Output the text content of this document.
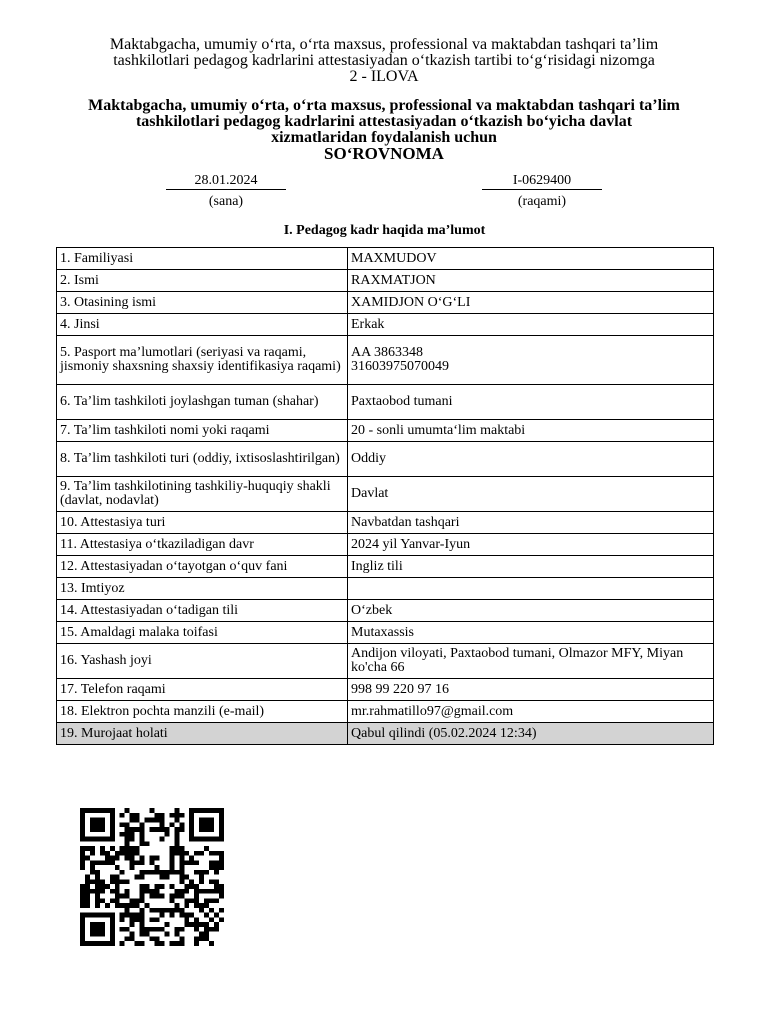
Maktabgacha, umumiy o‘rta, o‘rta maxsus, professional va maktabdan tashqari ta’lim
tashkilotlari pedagog kadrlarini attestasiyadan o‘tkazish tartibi to‘g‘risidagi nizomga
2 - ILOVA
Maktabgacha, umumiy o‘rta, o‘rta maxsus, professional va maktabdan tashqari ta’lim
tashkilotlari pedagog kadrlarini attestasiyadan o‘tkazish bo‘yicha davlat
xizmatlaridan foydalanish uchun
SO‘ROVNOMA
28.01.2024	I-0629400
(sana)	(raqami)
I. Pedagog kadr haqida ma’lumot
1. Familiyasi	MAXMUDOV
2. Ismi	RAXMATJON
3. Otasining ismi	XAMIDJON O‘G‘LI
4. Jinsi	Erkak
5. Pasport ma’lumotlari (seriyasi va raqami, jismoniy shaxsning shaxsiy identifikasiya raqami)	AA 3863348
31603975070049

6. Ta’lim tashkiloti joylashgan tuman (shahar)	Paxtaobod tumani
7. Ta’lim tashkiloti nomi yoki raqami	20 - sonli umumta‘lim maktabi
8. Ta’lim tashkiloti turi (oddiy, ixtisoslashtirilgan)	Oddiy
9. Ta’lim tashkilotining tashkiliy-huquqiy shakli (davlat, nodavlat)	Davlat
10. Attestasiya turi	Navbatdan tashqari
11. Attestasiya o‘tkaziladigan davr	2024 yil Yanvar-Iyun
12. Attestasiyadan o‘tayotgan o‘quv fani	Ingliz tili
13. Imtiyoz	
14. Attestasiyadan o‘tadigan tili	O‘zbek
15. Amaldagi malaka toifasi	Mutaxassis
16. Yashash joyi	Andijon viloyati, Paxtaobod tumani, Olmazor MFY, Miyan ko'cha 66
17. Telefon raqami	998 99 220 97 16
18. Elektron pochta manzili (e-mail)	mr.rahmatillo97@gmail.com
19. Murojaat holati	Qabul qilindi (05.02.2024 12:34)
